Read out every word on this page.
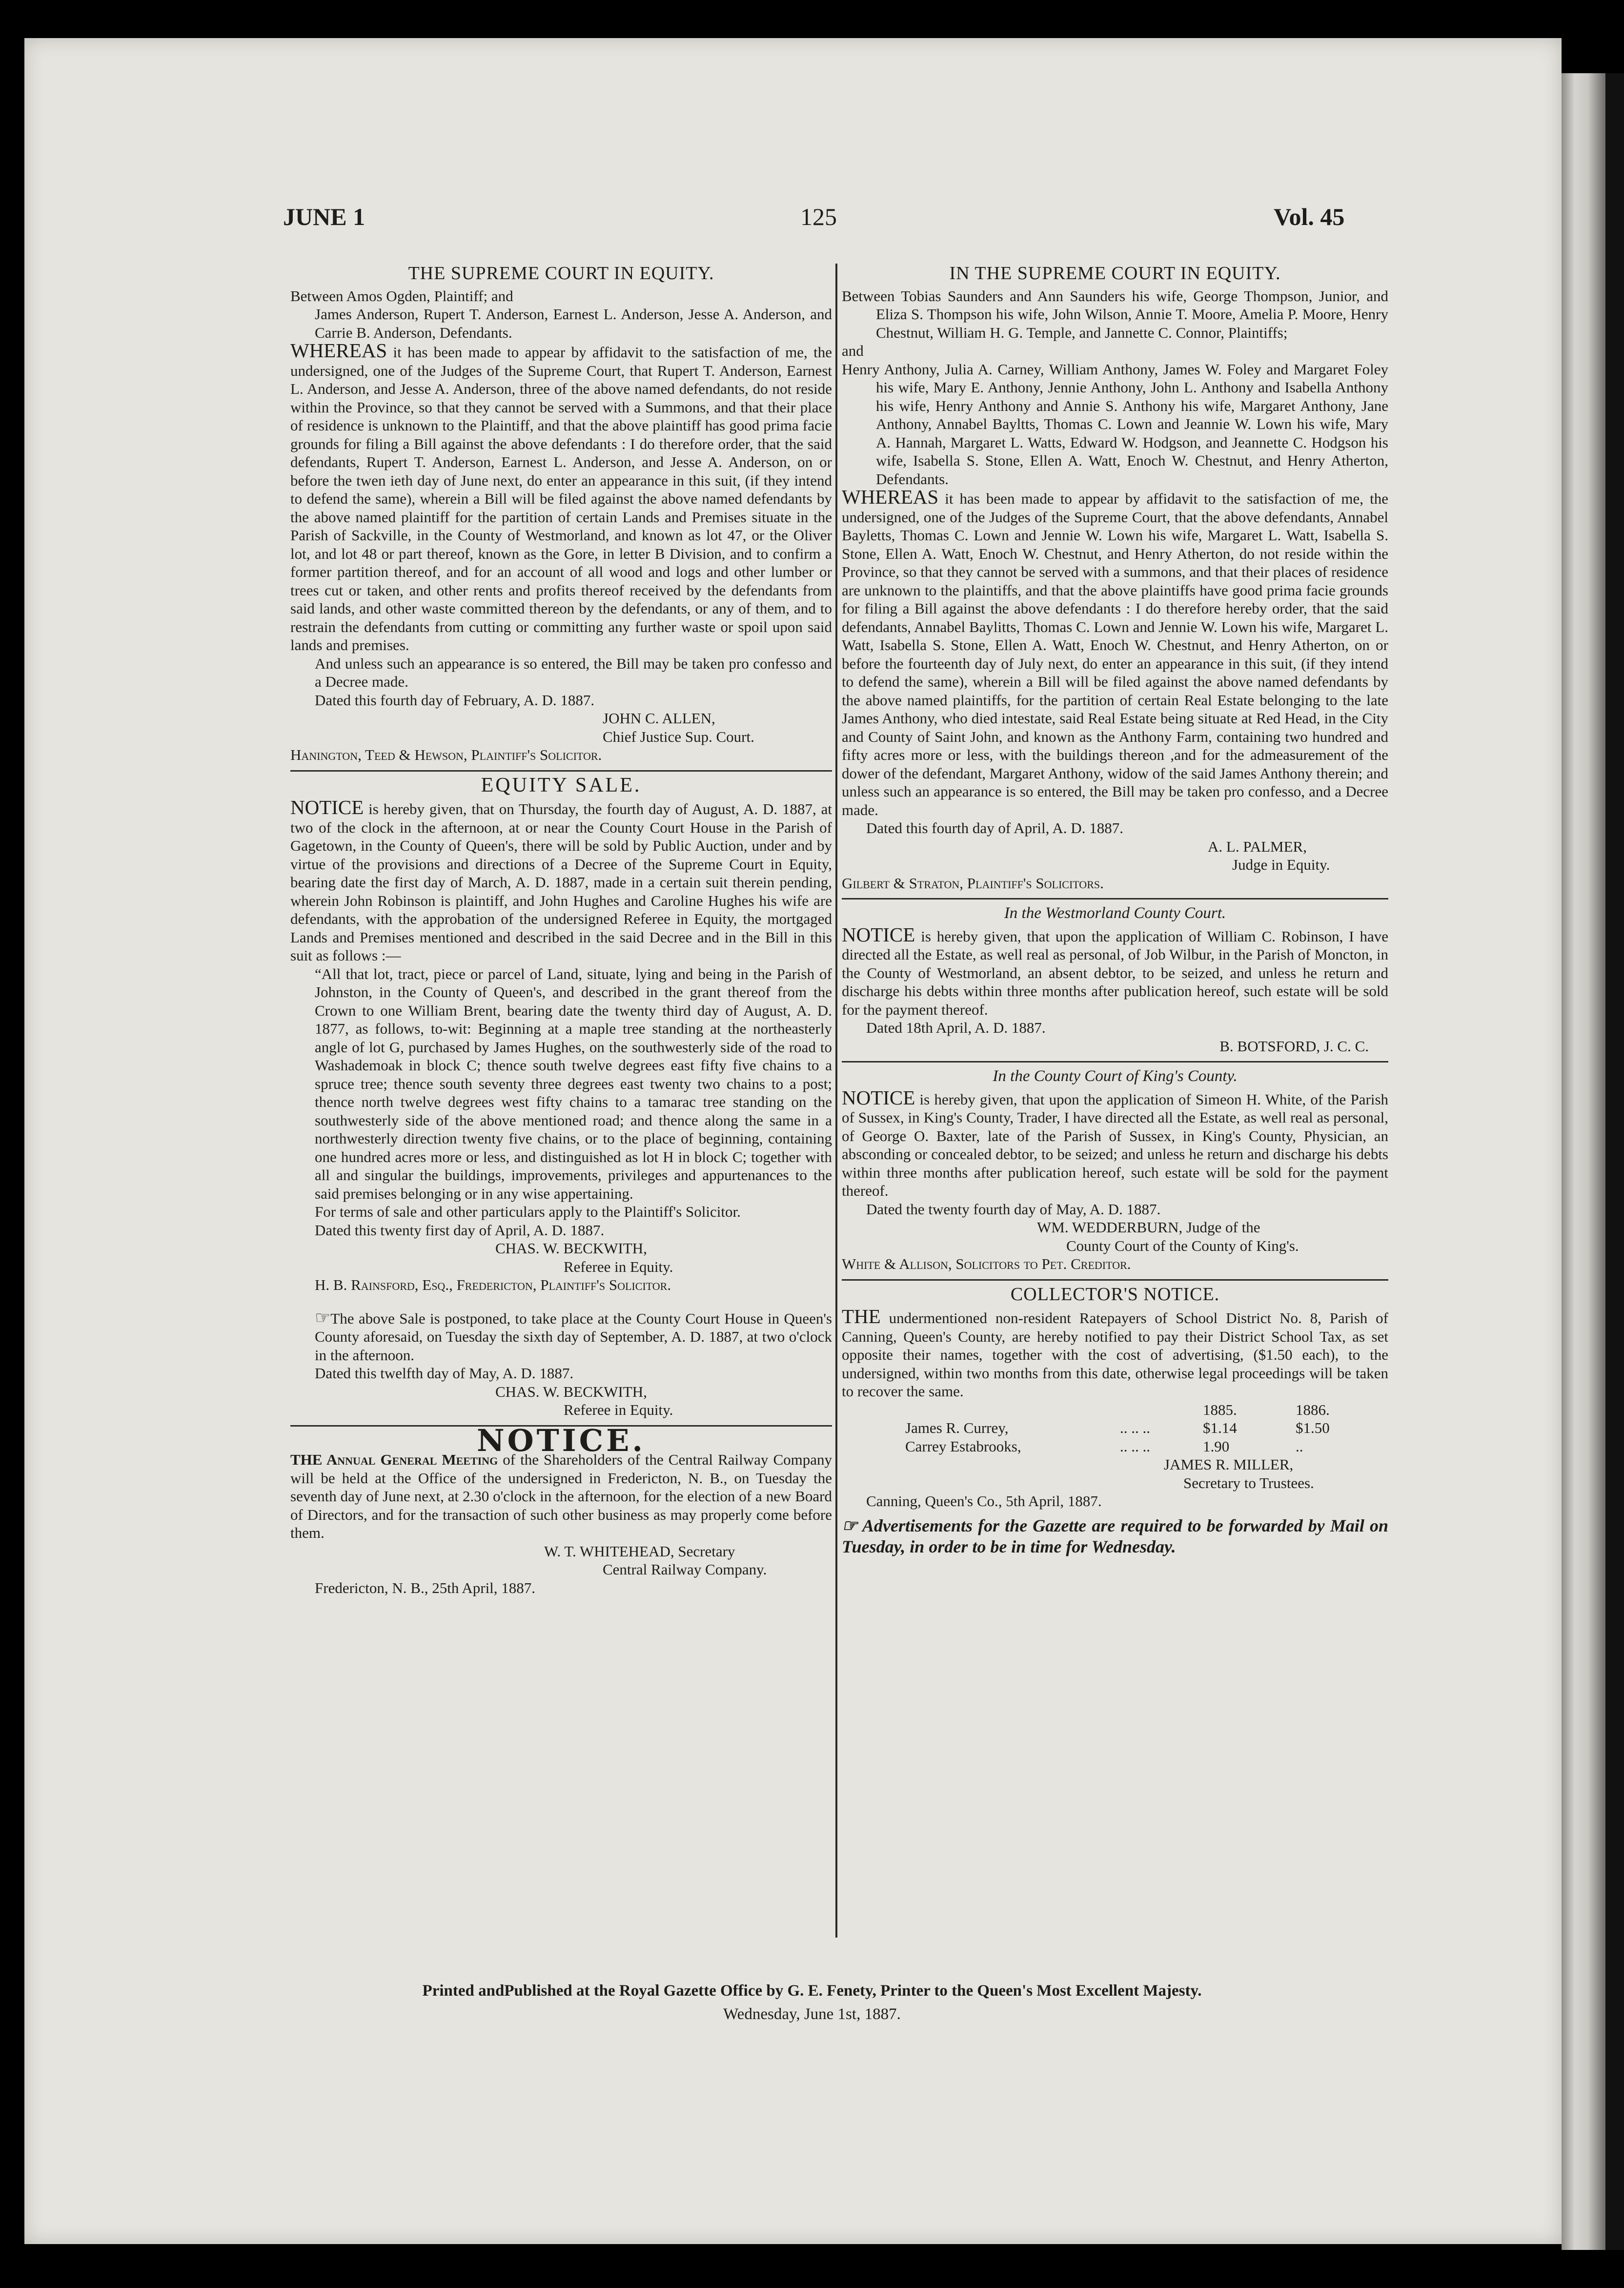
JUNE 1	125	Vol. 45
THE SUPREME COURT IN EQUITY.

Between Amos Ogden, Plaintiff; and

James Anderson, Rupert T. Anderson, Earnest L. Anderson, Jesse A. Anderson, and Carrie B. Anderson, Defendants.

WHEREAS it has been made to appear by affidavit to the satisfaction of me, the undersigned, one of the Judges of the Supreme Court, that Rupert T. Anderson, Earnest L. Anderson, and Jesse A. Anderson, three of the above named defendants, do not reside within the Province, so that they cannot be served with a Summons, and that their place of residence is unknown to the Plaintiff, and that the above plaintiff has good prima facie grounds for filing a Bill against the above defendants : I do therefore order, that the said defendants, Rupert T. Anderson, Earnest L. Anderson, and Jesse A. Anderson, on or before the twen ieth day of June next, do enter an appearance in this suit, (if they intend to defend the same), wherein a Bill will be filed against the above named defendants by the above named plaintiff for the partition of certain Lands and Premises situate in the Parish of Sackville, in the County of Westmorland, and known as lot 47, or the Oliver lot, and lot 48 or part thereof, known as the Gore, in letter B Division, and to confirm a former partition thereof, and for an account of all wood and logs and other lumber or trees cut or taken, and other rents and profits thereof received by the defendants from said lands, and other waste committed thereon by the defendants, or any of them, and to restrain the defendants from cutting or committing any further waste or spoil upon said lands and premises.

And unless such an appearance is so entered, the Bill may be taken pro confesso and a Decree made.

Dated this fourth day of February, A. D. 1887.

JOHN C. ALLEN,

Chief Justice Sup. Court.

Hanington, Teed & Hewson, Plaintiff's Solicitor.

EQUITY SALE.

NOTICE is hereby given, that on Thursday, the fourth day of August, A. D. 1887, at two of the clock in the afternoon, at or near the County Court House in the Parish of Gagetown, in the County of Queen's, there will be sold by Public Auction, under and by virtue of the provisions and directions of a Decree of the Supreme Court in Equity, bearing date the first day of March, A. D. 1887, made in a certain suit therein pending, wherein John Robinson is plaintiff, and John Hughes and Caroline Hughes his wife are defendants, with the approbation of the undersigned Referee in Equity, the mortgaged Lands and Premises mentioned and described in the said Decree and in the Bill in this suit as follows :—

“All that lot, tract, piece or parcel of Land, situate, lying and being in the Parish of Johnston, in the County of Queen's, and described in the grant thereof from the Crown to one William Brent, bearing date the twenty third day of August, A. D. 1877, as follows, to-wit: Beginning at a maple tree standing at the northeasterly angle of lot G, purchased by James Hughes, on the southwesterly side of the road to Washademoak in block C; thence south twelve degrees east fifty five chains to a spruce tree; thence south seventy three degrees east twenty two chains to a post; thence north twelve degrees west fifty chains to a tamarac tree standing on the southwesterly side of the above mentioned road; and thence along the same in a northwesterly direction twenty five chains, or to the place of beginning, containing one hundred acres more or less, and distinguished as lot H in block C; together with all and singular the buildings, improvements, privileges and appurtenances to the said premises belonging or in any wise appertaining.

For terms of sale and other particulars apply to the Plaintiff's Solicitor.

Dated this twenty first day of April, A. D. 1887.

CHAS. W. BECKWITH,

Referee in Equity.

H. B. Rainsford, Esq., Fredericton, Plaintiff's Solicitor.

☞The above Sale is postponed, to take place at the County Court House in Queen's County aforesaid, on Tuesday the sixth day of September, A. D. 1887, at two o'clock in the afternoon.

Dated this twelfth day of May, A. D. 1887.

CHAS. W. BECKWITH,

Referee in Equity.

NOTICE.

THE Annual General Meeting of the Shareholders of the Central Railway Company will be held at the Office of the undersigned in Fredericton, N. B., on Tuesday the seventh day of June next, at 2.30 o'clock in the afternoon, for the election of a new Board of Directors, and for the transaction of such other business as may properly come before them.

W. T. WHITEHEAD, Secretary

Central Railway Company.

Fredericton, N. B., 25th April, 1887.

IN THE SUPREME COURT IN EQUITY.

Between Tobias Saunders and Ann Saunders his wife, George Thompson, Junior, and Eliza S. Thompson his wife, John Wilson, Annie T. Moore, Amelia P. Moore, Henry Chestnut, William H. G. Temple, and Jannette C. Connor, Plaintiffs;

and

Henry Anthony, Julia A. Carney, William Anthony, James W. Foley and Margaret Foley his wife, Mary E. Anthony, Jennie Anthony, John L. Anthony and Isabella Anthony his wife, Henry Anthony and Annie S. Anthony his wife, Margaret Anthony, Jane Anthony, Annabel Bayltts, Thomas C. Lown and Jeannie W. Lown his wife, Mary A. Hannah, Margaret L. Watts, Edward W. Hodgson, and Jeannette C. Hodgson his wife, Isabella S. Stone, Ellen A. Watt, Enoch W. Chestnut, and Henry Atherton, Defendants.

WHEREAS it has been made to appear by affidavit to the satisfaction of me, the undersigned, one of the Judges of the Supreme Court, that the above defendants, Annabel Bayletts, Thomas C. Lown and Jennie W. Lown his wife, Margaret L. Watt, Isabella S. Stone, Ellen A. Watt, Enoch W. Chestnut, and Henry Atherton, do not reside within the Province, so that they cannot be served with a summons, and that their places of residence are unknown to the plaintiffs, and that the above plaintiffs have good prima facie grounds for filing a Bill against the above defendants : I do therefore hereby order, that the said defendants, Annabel Baylitts, Thomas C. Lown and Jennie W. Lown his wife, Margaret L. Watt, Isabella S. Stone, Ellen A. Watt, Enoch W. Chestnut, and Henry Atherton, on or before the fourteenth day of July next, do enter an appearance in this suit, (if they intend to defend the same), wherein a Bill will be filed against the above named defendants by the above named plaintiffs, for the partition of certain Real Estate belonging to the late James Anthony, who died intestate, said Real Estate being situate at Red Head, in the City and County of Saint John, and known as the Anthony Farm, containing two hundred and fifty acres more or less, with the buildings thereon ,and for the admeasurement of the dower of the defendant, Margaret Anthony, widow of the said James Anthony therein; and unless such an appearance is so entered, the Bill may be taken pro confesso, and a Decree made.

Dated this fourth day of April, A. D. 1887.

A. L. PALMER,

Judge in Equity.

Gilbert & Straton, Plaintiff's Solicitors.

In the Westmorland County Court.

NOTICE is hereby given, that upon the application of William C. Robinson, I have directed all the Estate, as well real as personal, of Job Wilbur, in the Parish of Moncton, in the County of Westmorland, an absent debtor, to be seized, and unless he return and discharge his debts within three months after publication hereof, such estate will be sold for the payment thereof.

Dated 18th April, A. D. 1887.

B. BOTSFORD, J. C. C.

In the County Court of King's County.

NOTICE is hereby given, that upon the application of Simeon H. White, of the Parish of Sussex, in King's County, Trader, I have directed all the Estate, as well real as personal, of George O. Baxter, late of the Parish of Sussex, in King's County, Physician, an absconding or concealed debtor, to be seized; and unless he return and discharge his debts within three months after publication hereof, such estate will be sold for the payment thereof.

Dated the twenty fourth day of May, A. D. 1887.

WM. WEDDERBURN, Judge of the

County Court of the County of King's.

White & Allison, Solicitors to Pet. Creditor.

COLLECTOR'S NOTICE.

THE undermentioned non-resident Ratepayers of School District No. 8, Parish of Canning, Queen's County, are hereby notified to pay their District School Tax, as set opposite their names, together with the cost of advertising, ($1.50 each), to the undersigned, within two months from this date, otherwise legal proceedings will be taken to recover the same.

		1885.	1886.
James R. Currey,	.. .. ..	$1.14	$1.50
Carrey Estabrooks,	.. .. ..	1.90	..

JAMES R. MILLER,

Secretary to Trustees.

Canning, Queen's Co., 5th April, 1887.

☞ Advertisements for the Gazette are required to be forwarded by Mail on Tuesday, in order to be in time for Wednesday.

Printed andPublished at the Royal Gazette Office by G. E. Fenety, Printer to the Queen's Most Excellent Majesty.
Wednesday, June 1st, 1887.
